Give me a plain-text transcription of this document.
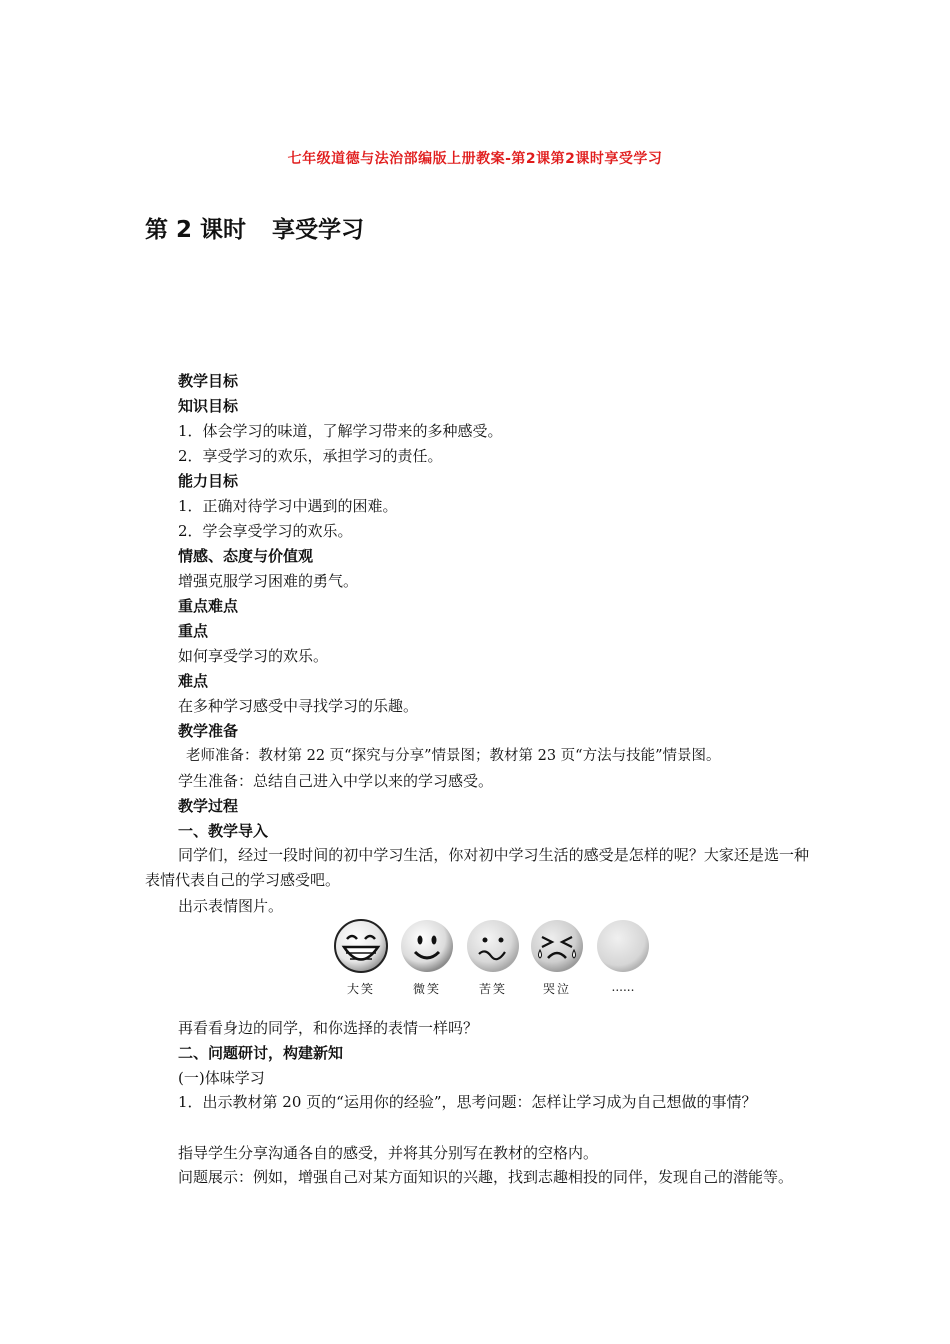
七年级道德与法治部编版上册教案-第2课第2课时享受学习
第 2 课时 享受学习
教学目标
知识目标
1．体会学习的味道，了解学习带来的多种感受。
2．享受学习的欢乐，承担学习的责任。
能力目标
1．正确对待学习中遇到的困难。
2．学会享受学习的欢乐。
情感、态度与价值观
增强克服学习困难的勇气。
重点难点
重点
如何享受学习的欢乐。
难点
在多种学习感受中寻找学习的乐趣。
教学准备
老师准备：教材第 22 页“探究与分享”情景图；教材第 23 页“方法与技能”情景图。
学生准备：总结自己进入中学以来的学习感受。
教学过程
一、教学导入
同学们，经过一段时间的初中学习生活，你对初中学习生活的感受是怎样的呢？大家还是选一种表情代表自己的学习感受吧。
出示表情图片。
大笑	微笑	苦笑	哭泣	......
再看看身边的同学，和你选择的表情一样吗？
二、问题研讨，构建新知
(一)体味学习
1．出示教材第 20 页的“运用你的经验”，思考问题：怎样让学习成为自己想做的事情？
指导学生分享沟通各自的感受，并将其分别写在教材的空格内。
问题展示：例如，增强自己对某方面知识的兴趣，找到志趣相投的同伴，发现自己的潜能等。
